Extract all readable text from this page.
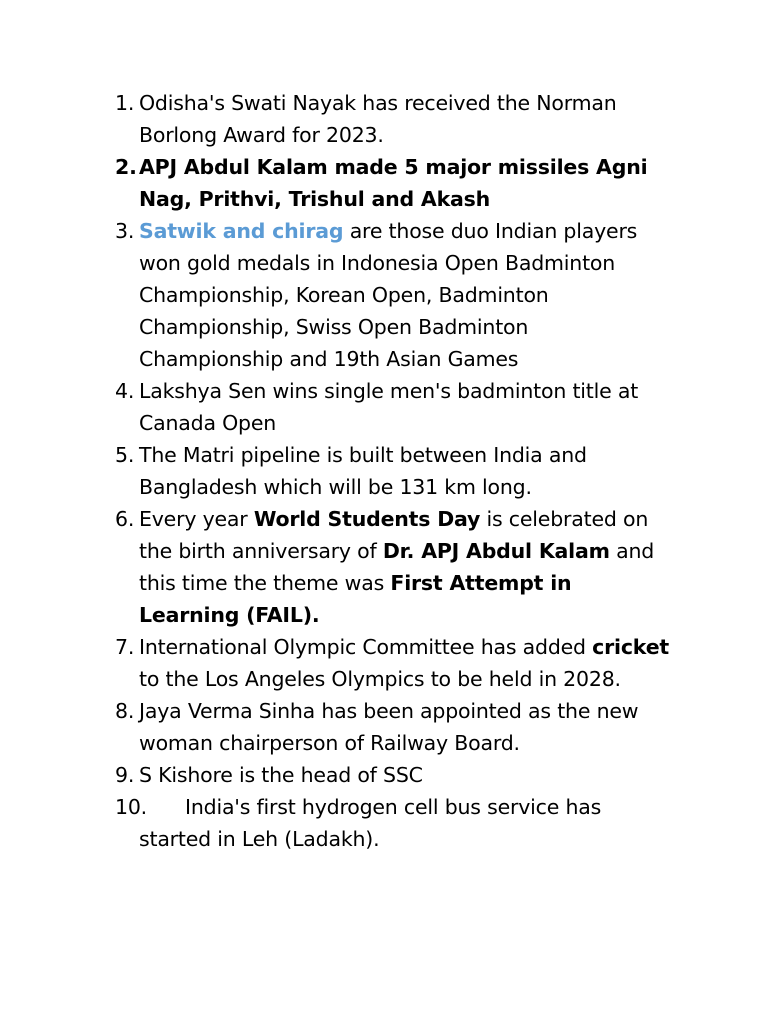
1. Odisha's Swati Nayak has received the Norman Borlong Award for 2023.
2. APJ Abdul Kalam made 5 major missiles Agni Nag, Prithvi, Trishul and Akash
3. Satwik and chirag are those duo Indian players won gold medals in Indonesia Open Badminton Championship, Korean Open, Badminton Championship, Swiss Open Badminton Championship and 19th Asian Games
4. Lakshya Sen wins single men's badminton title at Canada Open
5. The Matri pipeline is built between India and Bangladesh which will be 131 km long.
6. Every year World Students Day is celebrated on the birth anniversary of Dr. APJ Abdul Kalam and this time the theme was First Attempt in Learning (FAIL).
7. International Olympic Committee has added cricket to the Los Angeles Olympics to be held in 2028.
8. Jaya Verma Sinha has been appointed as the new woman chairperson of Railway Board.
9. S Kishore is the head of SSC
10. India's first hydrogen cell bus service has started in Leh (Ladakh).
